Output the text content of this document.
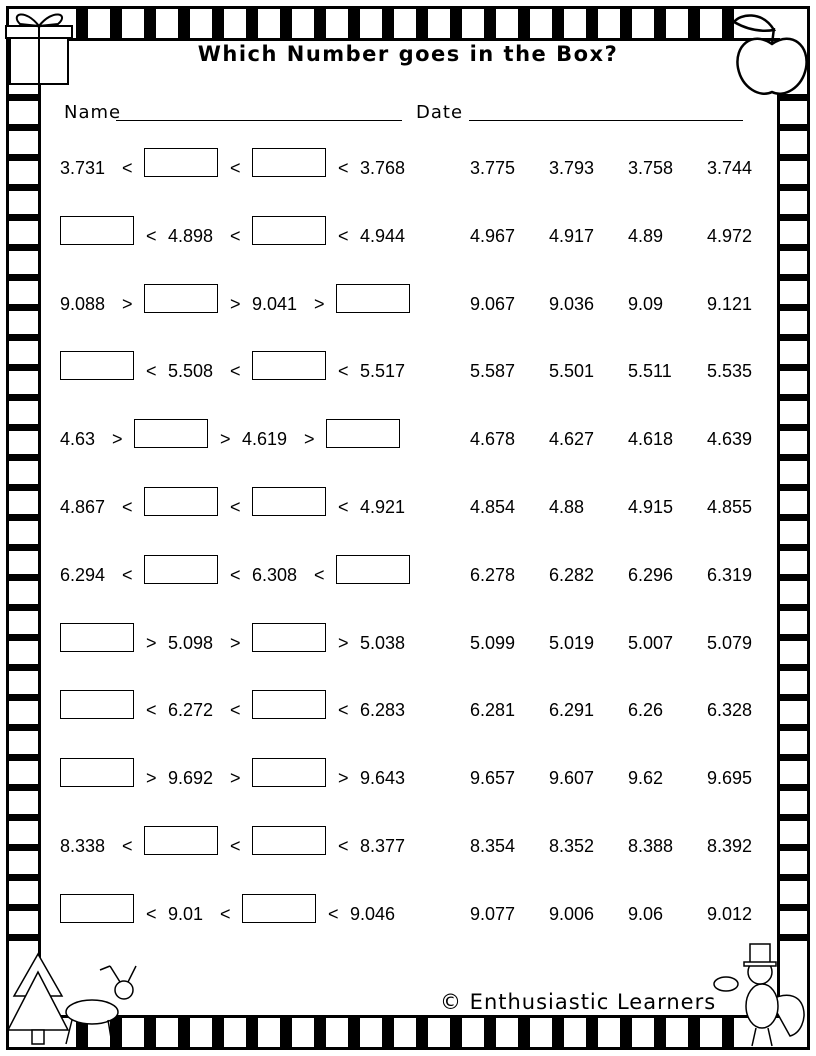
Which Number goes in the Box?
Name	Date
3.731 <	<	< 3.768	3.775 3.793 3.758 3.744
< 4.898 <	< 4.944	4.967 4.917 4.89 4.972
9.088 >	> 9.041 >	9.067 9.036 9.09 9.121
< 5.508 <	< 5.517	5.587 5.501 5.511 5.535
4.63 >	> 4.619 >	4.678 4.627 4.618 4.639
4.867 <	<	< 4.921	4.854 4.88 4.915 4.855
6.294 <	< 6.308 <	6.278 6.282 6.296 6.319
> 5.098 >	> 5.038	5.099 5.019 5.007 5.079
< 6.272 <	< 6.283	6.281 6.291 6.26 6.328
> 9.692 >	> 9.643	9.657 9.607 9.62 9.695
8.338 <	<	< 8.377	8.354 8.352 8.388 8.392
< 9.01 <	< 9.046	9.077 9.006 9.06 9.012
© Enthusiastic Learners
